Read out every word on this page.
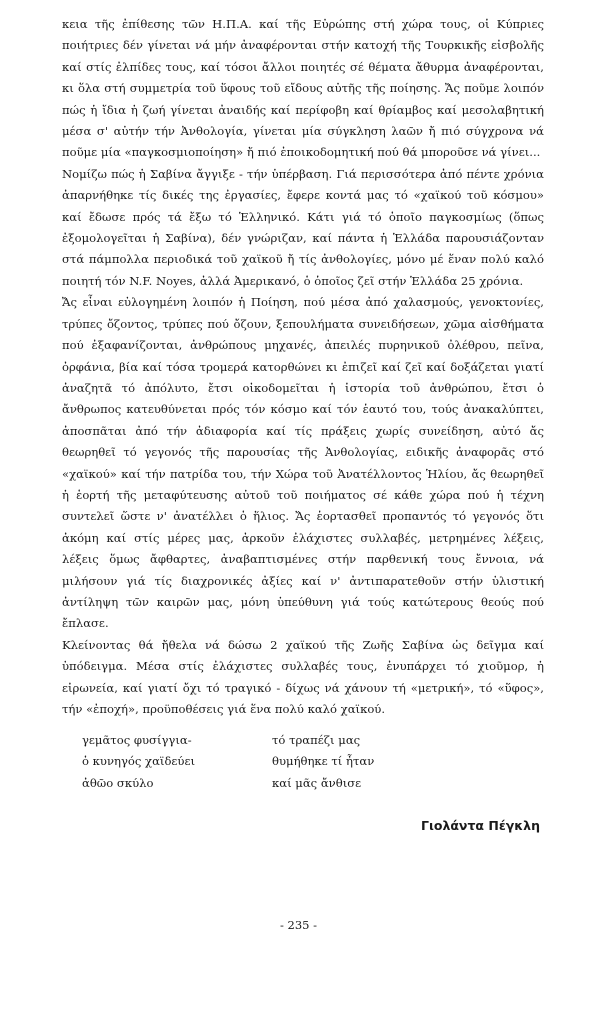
κεια τῆς ἐπίθεσης τῶν Η.Π.Α. καί τῆς Εὐρώπης στή χώρα τους, οἱ Κύπριες ποιήτριες δέν γίνεται νά μήν ἀναφέρονται στήν κατοχή τῆς Τουρκικῆς εἰσβολῆς καί στίς ἐλπίδες τους, καί τόσοι ἄλλοι ποιητές σέ θέματα ἄθυρμα ἀναφέρονται, κι ὅλα στή συμμετρία τοῦ ὕφους τοῦ εἴδους αὐτῆς τῆς ποίησης. Ἄς ποῦμε λοιπόν πώς ἡ ἴδια ἡ ζωή γίνεται ἀναιδής καί περίφοβη καί θρίαμβος καί μεσολαβητική μέσα σ' αὐτήν τήν Ἀνθολογία, γίνεται μία σύγκληση λαῶν ἤ πιό σύγχρονα νά ποῦμε μία «παγκοσμιοποίηση» ἤ πιό ἐποικοδομητική πού θά μποροῦσε νά γίνει...

Νομίζω πώς ἡ Σαβίνα ἄγγιξε - τήν ὑπέρβαση. Γιά περισσότερα ἀπό πέντε χρόνια ἀπαρνήθηκε τίς δικές της ἐργασίες, ἔφερε κοντά μας τό «χαϊκού τοῦ κόσμου» καί ἔδωσε πρός τά ἔξω τό Ἑλληνικό. Κάτι γιά τό ὁποῖο παγκοσμίως (ὅπως ἐξομολογεῖται ἡ Σαβίνα), δέν γνώριζαν, καί πάντα ἡ Ἑλλάδα παρουσιάζονταν στά πάμπολλα περιοδικά τοῦ χαϊκοῦ ἤ τίς ἀνθολογίες, μόνο μέ ἕναν πολύ καλό ποιητή τόν N.F. Noyes, ἀλλά Ἀμερικανό, ὁ ὁποῖος ζεῖ στήν Ἑλλάδα 25 χρόνια.

Ἄς εἶναι εὐλογημένη λοιπόν ἡ Ποίηση, πού μέσα ἀπό χαλασμούς, γενοκτονίες, τρύπες ὄζοντος, τρύπες πού ὄζουν, ξεπουλήματα συνειδήσεων, χῶμα αἰσθήματα πού ἐξαφανίζονται, ἀνθρώπους μηχανές, ἀπειλές πυρηνικοῦ ὀλέθρου, πεῖνα, ὀρφάνια, βία καί τόσα τρομερά κατορθώνει κι ἐπιζεῖ καί ζεῖ καί δοξάζεται γιατί ἀναζητᾶ τό ἀπόλυτο, ἔτσι οἰκοδομεῖται ἡ ἱστορία τοῦ ἀνθρώπου, ἔτσι ὁ ἄνθρωπος κατευθύνεται πρός τόν κόσμο καί τόν ἑαυτό του, τούς ἀνακαλύπτει, ἀποσπᾶται ἀπό τήν ἀδιαφορία καί τίς πράξεις χωρίς συνείδηση, αὐτό ἄς θεωρηθεῖ τό γεγονός τῆς παρουσίας τῆς Ἀνθολογίας, ειδικῆς ἀναφορᾶς στό «χαϊκού» καί τήν πατρίδα του, τήν Χώρα τοῦ Ἀνατέλλοντος Ἡλίου, ἄς θεωρηθεῖ ἡ ἑορτή τῆς μεταφύτευσης αὐτοῦ τοῦ ποιήματος σέ κάθε χώρα πού ἡ τέχνη συντελεῖ ὥστε ν' ἀνατέλλει ὁ ἥλιος. Ἄς ἑορτασθεῖ προπαντός τό γεγονός ὅτι ἀκόμη καί στίς μέρες μας, ἀρκοῦν ἐλάχιστες συλλαβές, μετρημένες λέξεις, λέξεις ὅμως ἄφθαρτες, ἀναβαπτισμένες στήν παρθενική τους ἔννοια, νά μιλήσουν γιά τίς διαχρονικές ἀξίες καί ν' ἀντιπαρατεθοῦν στήν ὑλιστική ἀντίληψη τῶν καιρῶν μας, μόνη ὑπεύθυνη γιά τούς κατώτερους θεούς πού ἔπλασε.

Κλείνοντας θά ἤθελα νά δώσω 2 χαϊκού τῆς Ζωῆς Σαβίνα ὡς δεῖγμα καί ὑπόδειγμα. Μέσα στίς ἐλάχιστες συλλαβές τους, ἐνυπάρχει τό χιοῦμορ, ἡ εἰρωνεία, καί γιατί ὄχι τό τραγικό - δίχως νά χάνουν τή «μετρική», τό «ὕφος», τήν «ἐποχή», προϋποθέσεις γιά ἕνα πολύ καλό χαϊκού.

γεμᾶτος φυσίγγια-
ὁ κυνηγός χαϊδεύει
ἀθῶο σκύλο
τό τραπέζι μας
θυμήθηκε τί ἦταν
καί μᾶς ἄνθισε
Γιολάντα Πέγκλη
- 235 -
